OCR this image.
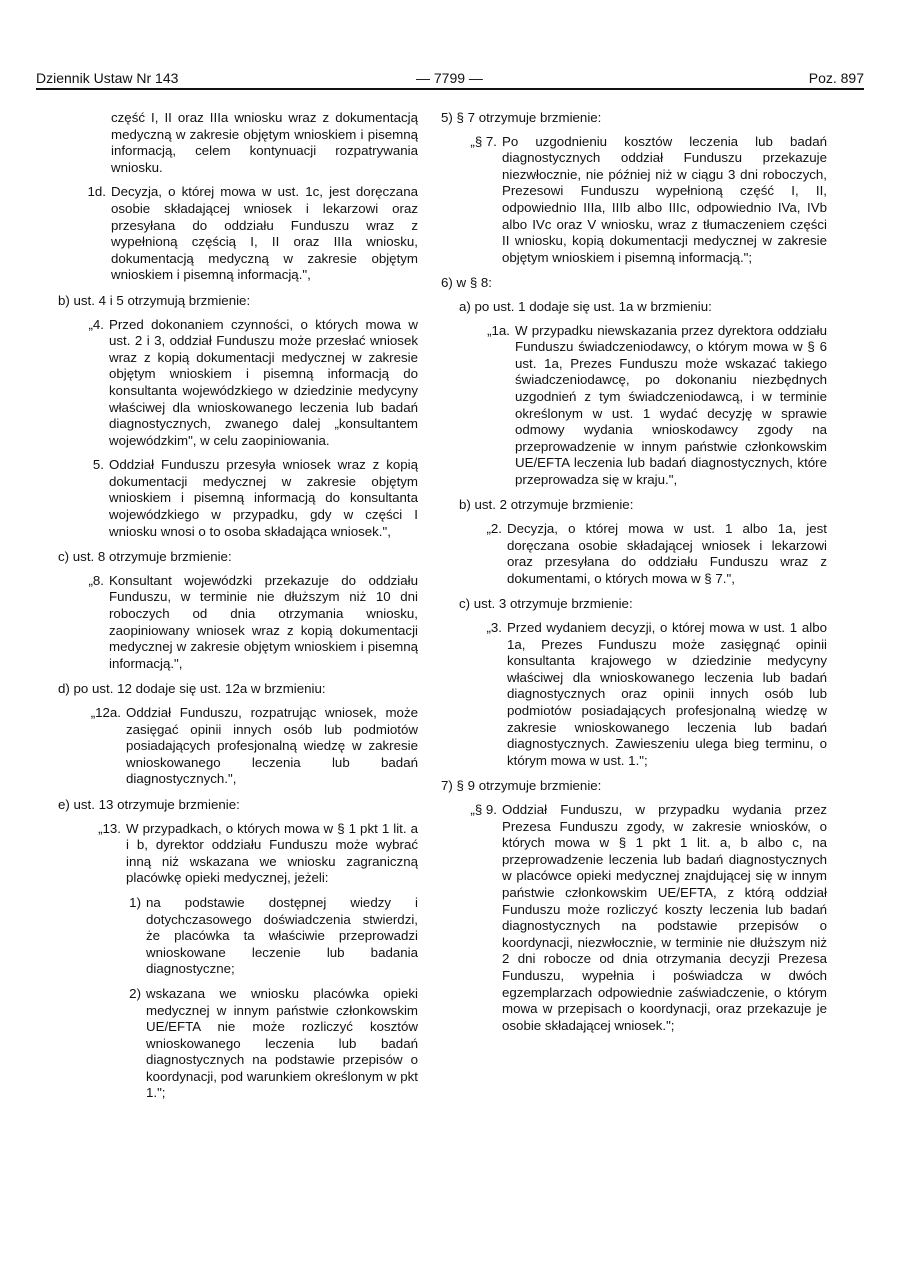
Dziennik Ustaw Nr 143	— 7799 —	Poz. 897
część I, II oraz IIIa wniosku wraz z dokumentacją medyczną w zakresie objętym wnioskiem i pisemną informacją, celem kontynuacji rozpatrywania wniosku.
1d. Decyzja, o której mowa w ust. 1c, jest doręczana osobie składającej wniosek i lekarzowi oraz przesyłana do oddziału Funduszu wraz z wypełnioną częścią I, II oraz IIIa wniosku, dokumentacją medyczną w zakresie objętym wnioskiem i pisemną informacją.",
b) ust. 4 i 5 otrzymują brzmienie:
„4. Przed dokonaniem czynności, o których mowa w ust. 2 i 3, oddział Funduszu może przesłać wniosek wraz z kopią dokumentacji medycznej w zakresie objętym wnioskiem i pisemną informacją do konsultanta wojewódzkiego w dziedzinie medycyny właściwej dla wnioskowanego leczenia lub badań diagnostycznych, zwanego dalej „konsultantem wojewódzkim", w celu zaopiniowania.
5. Oddział Funduszu przesyła wniosek wraz z kopią dokumentacji medycznej w zakresie objętym wnioskiem i pisemną informacją do konsultanta wojewódzkiego w przypadku, gdy w części I wniosku wnosi o to osoba składająca wniosek.",
c) ust. 8 otrzymuje brzmienie:
„8. Konsultant wojewódzki przekazuje do oddziału Funduszu, w terminie nie dłuższym niż 10 dni roboczych od dnia otrzymania wniosku, zaopiniowany wniosek wraz z kopią dokumentacji medycznej w zakresie objętym wnioskiem i pisemną informacją.",
d) po ust. 12 dodaje się ust. 12a w brzmieniu:
„12a. Oddział Funduszu, rozpatrując wniosek, może zasięgać opinii innych osób lub podmiotów posiadających profesjonalną wiedzę w zakresie wnioskowanego leczenia lub badań diagnostycznych.",
e) ust. 13 otrzymuje brzmienie:
„13. W przypadkach, o których mowa w § 1 pkt 1 lit. a i b, dyrektor oddziału Funduszu może wybrać inną niż wskazana we wniosku zagraniczną placówkę opieki medycznej, jeżeli:
1) na podstawie dostępnej wiedzy i dotychczasowego doświadczenia stwierdzi, że placówka ta właściwie przeprowadzi wnioskowane leczenie lub badania diagnostyczne;
2) wskazana we wniosku placówka opieki medycznej w innym państwie członkowskim UE/EFTA nie może rozliczyć kosztów wnioskowanego leczenia lub badań diagnostycznych na podstawie przepisów o koordynacji, pod warunkiem określonym w pkt 1.";
5) § 7 otrzymuje brzmienie:
„§ 7. Po uzgodnieniu kosztów leczenia lub badań diagnostycznych oddział Funduszu przekazuje niezwłocznie, nie później niż w ciągu 3 dni roboczych, Prezesowi Funduszu wypełnioną część I, II, odpowiednio IIIa, IIIb albo IIIc, odpowiednio IVa, IVb albo IVc oraz V wniosku, wraz z tłumaczeniem części II wniosku, kopią dokumentacji medycznej w zakresie objętym wnioskiem i pisemną informacją.";
6) w § 8:
a) po ust. 1 dodaje się ust. 1a w brzmieniu:
„1a. W przypadku niewskazania przez dyrektora oddziału Funduszu świadczeniodawcy, o którym mowa w § 6 ust. 1a, Prezes Funduszu może wskazać takiego świadczeniodawcę, po dokonaniu niezbędnych uzgodnień z tym świadczeniodawcą, i w terminie określonym w ust. 1 wydać decyzję w sprawie odmowy wydania wnioskodawcy zgody na przeprowadzenie w innym państwie członkowskim UE/EFTA leczenia lub badań diagnostycznych, które przeprowadza się w kraju.",
b) ust. 2 otrzymuje brzmienie:
„2. Decyzja, o której mowa w ust. 1 albo 1a, jest doręczana osobie składającej wniosek i lekarzowi oraz przesyłana do oddziału Funduszu wraz z dokumentami, o których mowa w § 7.",
c) ust. 3 otrzymuje brzmienie:
„3. Przed wydaniem decyzji, o której mowa w ust. 1 albo 1a, Prezes Funduszu może zasięgnąć opinii konsultanta krajowego w dziedzinie medycyny właściwej dla wnioskowanego leczenia lub badań diagnostycznych oraz opinii innych osób lub podmiotów posiadających profesjonalną wiedzę w zakresie wnioskowanego leczenia lub badań diagnostycznych. Zawieszeniu ulega bieg terminu, o którym mowa w ust. 1.";
7) § 9 otrzymuje brzmienie:
„§ 9. Oddział Funduszu, w przypadku wydania przez Prezesa Funduszu zgody, w zakresie wniosków, o których mowa w § 1 pkt 1 lit. a, b albo c, na przeprowadzenie leczenia lub badań diagnostycznych w placówce opieki medycznej znajdującej się w innym państwie członkowskim UE/EFTA, z którą oddział Funduszu może rozliczyć koszty leczenia lub badań diagnostycznych na podstawie przepisów o koordynacji, niezwłocznie, w terminie nie dłuższym niż 2 dni robocze od dnia otrzymania decyzji Prezesa Funduszu, wypełnia i poświadcza w dwóch egzemplarzach odpowiednie zaświadczenie, o którym mowa w przepisach o koordynacji, oraz przekazuje je osobie składającej wniosek.";
